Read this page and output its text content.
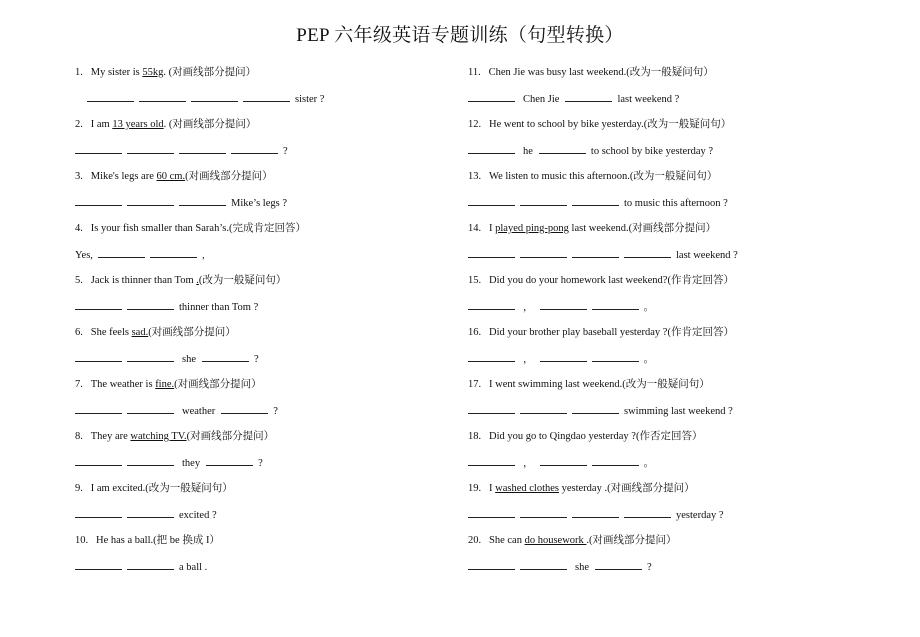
PEP 六年级英语专题训练（句型转换）
1. My sister is 55kg. (对画线部分提问）
sister ?
2. I am 13 years old. (对画线部分提问）
?
3. Mike's legs are 60 cm.(对画线部分提问）
Mike’s legs ?
4. Is your fish smaller than Sarah’s.(完成肯定回答）
Yes,	,
5. Jack is thinner than Tom .(改为一般疑问句）
thinner than Tom ?
6. She feels sad.(对画线部分提问）
she	?
7. The weather is fine.(对画线部分提问）
weather	?
8. They are watching TV.(对画线部分提问）
they	?
9. I am excited.(改为一般疑问句）
excited ?
10. He has a ball.(把 be 换成 I）
a ball .
11. Chen Jie was busy last weekend.(改为一般疑问句）
Chen Jie	last weekend ?
12. He went to school by bike yesterday.(改为一般疑问句）
he	to school by bike yesterday ?
13. We listen to music this afternoon.(改为一般疑问句）
to music this afternoon ?
14. I played ping-pong last weekend.(对画线部分提问）
last weekend ?
15. Did you do your homework last weekend?(作肯定回答）
，	。
16. Did your brother play baseball yesterday ?(作肯定回答）
，	。
17. I went swimming last weekend.(改为一般疑问句）
swimming last weekend ?
18. Did you go to Qingdao yesterday ?(作否定回答）
，	。
19. I washed clothes yesterday .(对画线部分提问）
yesterday ?
20. She can do housework .(对画线部分提问）
she	?
